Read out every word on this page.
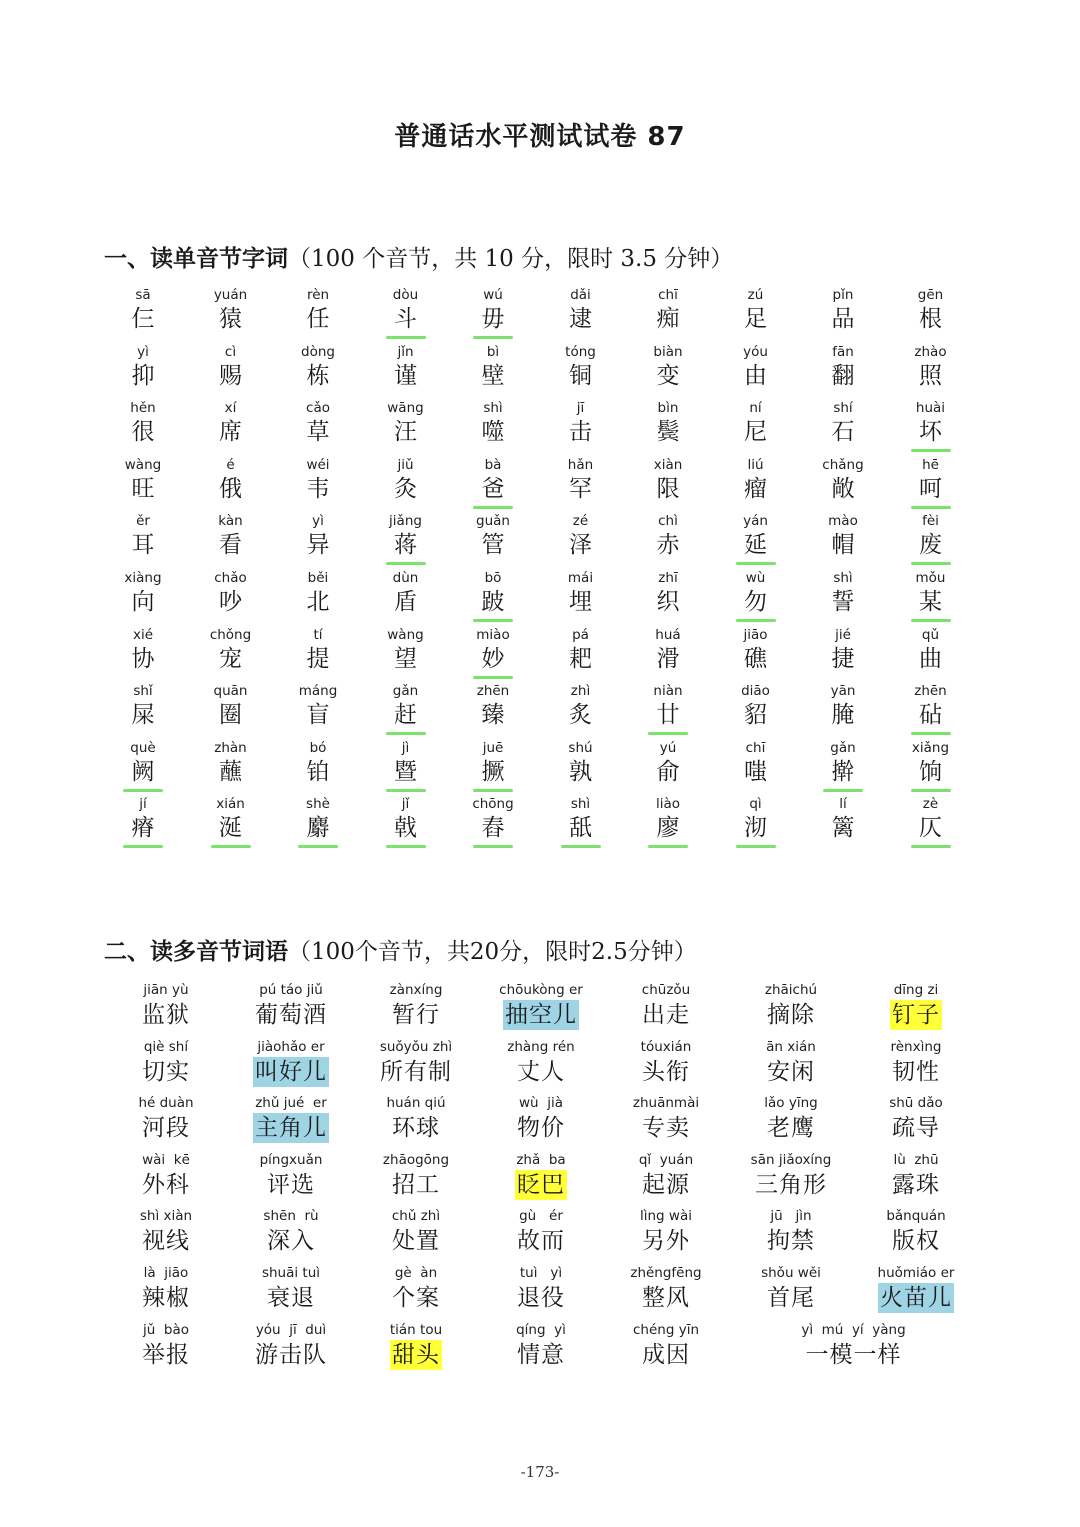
普通话水平测试试卷 87
一、读单音节字词（100 个音节，共 10 分，限时 3.5 分钟）
sā
仨
yuán
猿
rèn
任
dòu
斗
wú
毋
dǎi
逮
chī
痴
zú
足
pǐn
品
gēn
根
yì
抑
cì
赐
dòng
栋
jǐn
谨
bì
壁
tóng
铜
biàn
变
yóu
由
fān
翻
zhào
照
hěn
很
xí
席
cǎo
草
wāng
汪
shì
噬
jī
击
bìn
鬓
ní
尼
shí
石
huài
坏
wàng
旺
é
俄
wéi
韦
jiǔ
灸
bà
爸
hǎn
罕
xiàn
限
liú
瘤
chǎng
敞
hē
呵
ěr
耳
kàn
看
yì
异
jiǎng
蒋
guǎn
管
zé
泽
chì
赤
yán
延
mào
帽
fèi
废
xiàng
向
chǎo
吵
běi
北
dùn
盾
bō
跛
mái
埋
zhī
织
wù
勿
shì
誓
mǒu
某
xié
协
chǒng
宠
tí
提
wàng
望
miào
妙
pá
耙
huá
滑
jiāo
礁
jié
捷
qǔ
曲
shǐ
屎
quān
圈
máng
盲
gǎn
赶
zhēn
臻
zhì
炙
niàn
廿
diāo
貂
yān
腌
zhēn
砧
què
阙
zhàn
蘸
bó
铂
jì
暨
juē
撅
shú
孰
yú
俞
chī
嗤
gǎn
擀
xiǎng
饷
jí
瘠
xián
涎
shè
麝
jǐ
戟
chōng
舂
shì
舐
liào
廖
qì
沏
lí
篱
zè
仄
二、读多音节词语（100个音节，共20分，限时2.5分钟）
jiān yù
监狱
pú táo jiǔ
葡萄酒
zànxíng
暂行
chōukòng er
抽空儿
chūzǒu
出走
zhāichú
摘除
dīng zi
钉子
qiè shí
切实
jiàohǎo er
叫好儿
suǒyǒu zhì
所有制
zhàng rén
丈人
tóuxián
头衔
ān xián
安闲
rènxìng
韧性
hé duàn
河段
zhǔ jué  er
主角儿
huán qiú
环球
wù  jià
物价
zhuānmài
专卖
lǎo yīng
老鹰
shū dǎo
疏导
wài  kē
外科
píngxuǎn
评选
zhāogōng
招工
zhǎ  ba
眨巴
qǐ  yuán
起源
sān jiǎoxíng
三角形
lù  zhū
露珠
shì xiàn
视线
shēn  rù
深入
chǔ zhì
处置
gù   ér
故而
lìng wài
另外
jū   jìn
拘禁
bǎnquán
版权
là  jiāo
辣椒
shuāi tuì
衰退
gè  àn
个案
tuì   yì
退役
zhěngfēng
整风
shǒu wěi
首尾
huǒmiáo er
火苗儿
jǔ  bào
举报
yóu  jī  duì
游击队
tián tou
甜头
qíng  yì
情意
chéng yīn
成因
yì  mú  yí  yàng
一模一样
-173-
